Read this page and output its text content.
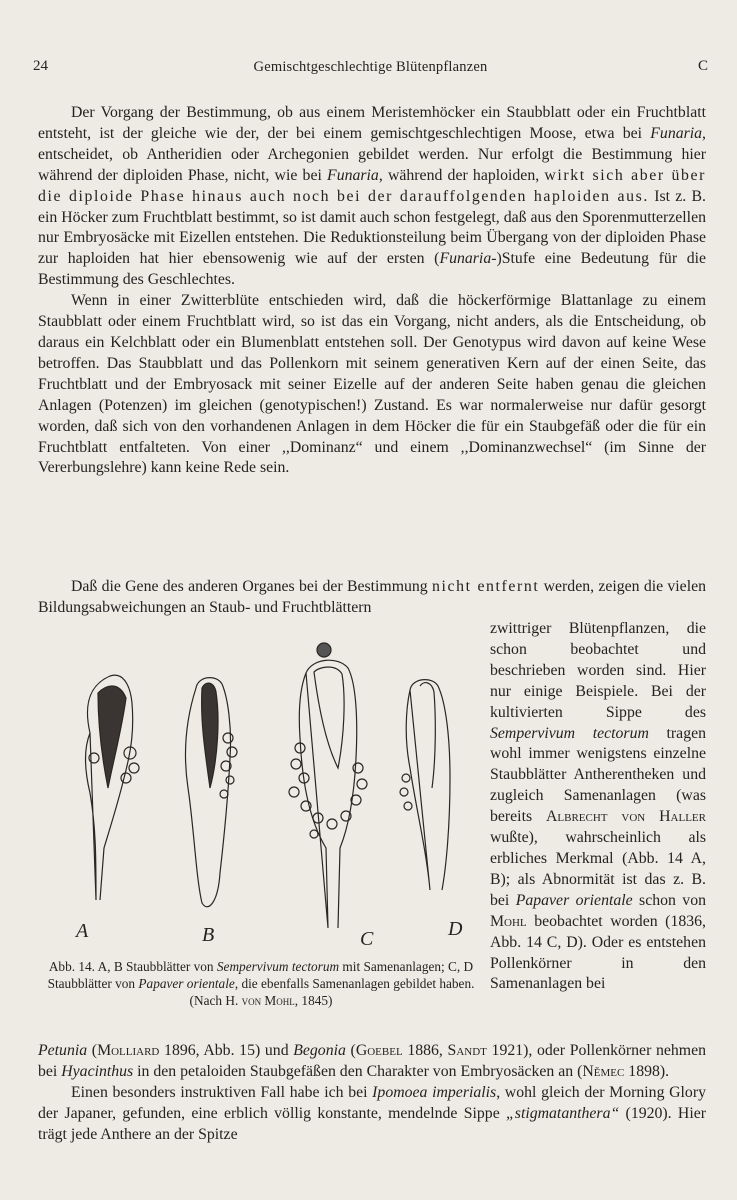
24	Gemischtgeschlechtige Blütenpflanzen	C

Der Vorgang der Bestimmung, ob aus einem Meristemhöcker ein Staubblatt oder ein Fruchtblatt entsteht, ist der gleiche wie der, der bei einem gemischtgeschlechtigen Moose, etwa bei Funaria, entscheidet, ob Antheridien oder Archegonien gebildet werden. Nur erfolgt die Bestimmung hier während der diploiden Phase, nicht, wie bei Funaria, während der haploiden, wirkt sich aber über die diploide Phase hinaus auch noch bei der darauffolgenden haploiden aus. Ist z. B. ein Höcker zum Fruchtblatt bestimmt, so ist damit auch schon festgelegt, daß aus den Sporenmutterzellen nur Embryosäcke mit Eizellen entstehen. Die Reduktionsteilung beim Übergang von der diploiden Phase zur haploiden hat hier ebensowenig wie auf der ersten (Funaria-)Stufe eine Bedeutung für die Bestimmung des Geschlechtes.

Wenn in einer Zwitterblüte entschieden wird, daß die höckerförmige Blattanlage zu einem Staubblatt oder einem Fruchtblatt wird, so ist das ein Vorgang, nicht anders, als die Entscheidung, ob daraus ein Kelchblatt oder ein Blumenblatt entstehen soll. Der Genotypus wird davon auf keine Wese betroffen. Das Staubblatt und das Pollenkorn mit seinem generativen Kern auf der einen Seite, das Fruchtblatt und der Embryosack mit seiner Eizelle auf der anderen Seite haben genau die gleichen Anlagen (Potenzen) im gleichen (genotypischen!) Zustand. Es war normalerweise nur dafür gesorgt worden, daß sich von den vorhandenen Anlagen in dem Höcker die für ein Staubgefäß oder die für ein Fruchtblatt entfalteten. Von einer ,,Dominanz“ und einem ,,Dominanzwechsel“ (im Sinne der Vererbungslehre) kann keine Rede sein.

Daß die Gene des anderen Organes bei der Bestimmung nicht entfernt werden, zeigen die vielen Bildungsabweichungen an Staub- und Fruchtblättern

A	B	C	D
Abb. 14. A, B Staubblätter von Sempervivum tectorum mit Samenanlagen; C, D Staubblätter von Papaver orientale, die ebenfalls Samenanlagen gebildet haben.
(Nach H. von Mohl, 1845)
zwittriger Blütenpflanzen, die schon beobachtet und beschrieben worden sind. Hier nur einige Beispiele. Bei der kultivierten Sippe des Sempervivum tectorum tragen wohl immer wenigstens einzelne Staubblätter Antherentheken und zugleich Samenanlagen (was bereits Albrecht von Haller wußte), wahrscheinlich als erbliches Merkmal (Abb. 14 A, B); als Abnormität ist das z. B. bei Papaver orientale schon von Mohl beobachtet worden (1836, Abb. 14 C, D). Oder es entstehen Pollenkörner in den Samenanlagen bei

Petunia (Molliard 1896, Abb. 15) und Begonia (Goebel 1886, Sandt 1921), oder Pollenkörner nehmen bei Hyacinthus in den petaloiden Staubgefäßen den Charakter von Embryosäcken an (Němec 1898).

Einen besonders instruktiven Fall habe ich bei Ipomoea imperialis, wohl gleich der Morning Glory der Japaner, gefunden, eine erblich völlig konstante, mendelnde Sippe „stigmatanthera“ (1920). Hier trägt jede Anthere an der Spitze
